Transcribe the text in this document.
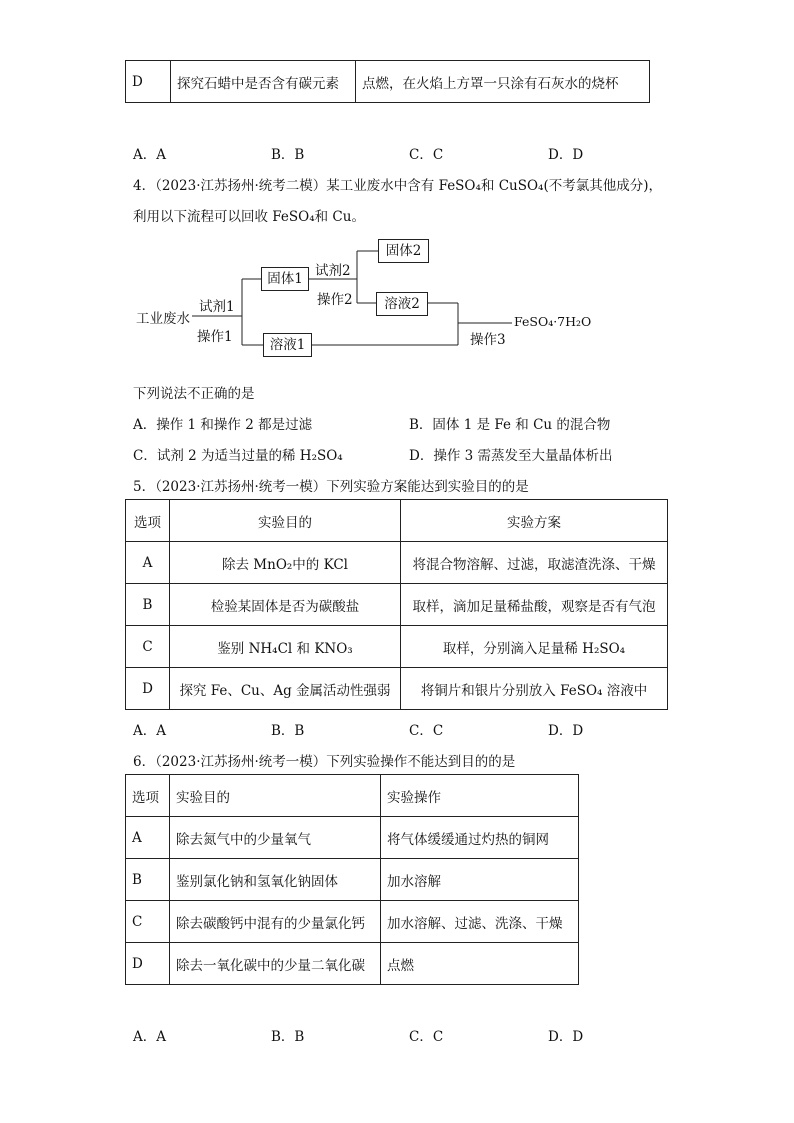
D	探究石蜡中是否含有碳元素	点燃，在火焰上方罩一只涂有石灰水的烧杯
A．A	B．B	C．C	D．D
4．（2023·江苏扬州·统考二模）某工业废水中含有 FeSO₄和 CuSO₄(不考氯其他成分)，
利用以下流程可以回收 FeSO₄和 Cu。
工业废水
试剂1
操作1
固体1
溶液1
试剂2
操作2
固体2
溶液2
操作3
FeSO₄·7H₂O
下列说法不正确的是
A．操作 1 和操作 2 都是过滤	B．固体 1 是 Fe 和 Cu 的混合物
C．试剂 2 为适当过量的稀 H₂SO₄	D．操作 3 需蒸发至大量晶体析出
5．（2023·江苏扬州·统考一模）下列实验方案能达到实验目的的是
选项	实验目的	实验方案
A	除去 MnO₂中的 KCl	将混合物溶解、过滤，取滤渣洗涤、干燥
B	检验某固体是否为碳酸盐	取样，滴加足量稀盐酸，观察是否有气泡
C	鉴别 NH₄Cl 和 KNO₃	取样，分别滴入足量稀 H₂SO₄
D	探究 Fe、Cu、Ag 金属活动性强弱	将铜片和银片分别放入 FeSO₄ 溶液中
A．A	B．B	C．C	D．D
6．（2023·江苏扬州·统考一模）下列实验操作不能达到目的的是
选项	实验目的	实验操作
A	除去氮气中的少量氧气	将气体缓缓通过灼热的铜网
B	鉴别氯化钠和氢氧化钠固体	加水溶解
C	除去碳酸钙中混有的少量氯化钙	加水溶解、过滤、洗涤、干燥
D	除去一氧化碳中的少量二氧化碳	点燃
A．A	B．B	C．C	D．D
